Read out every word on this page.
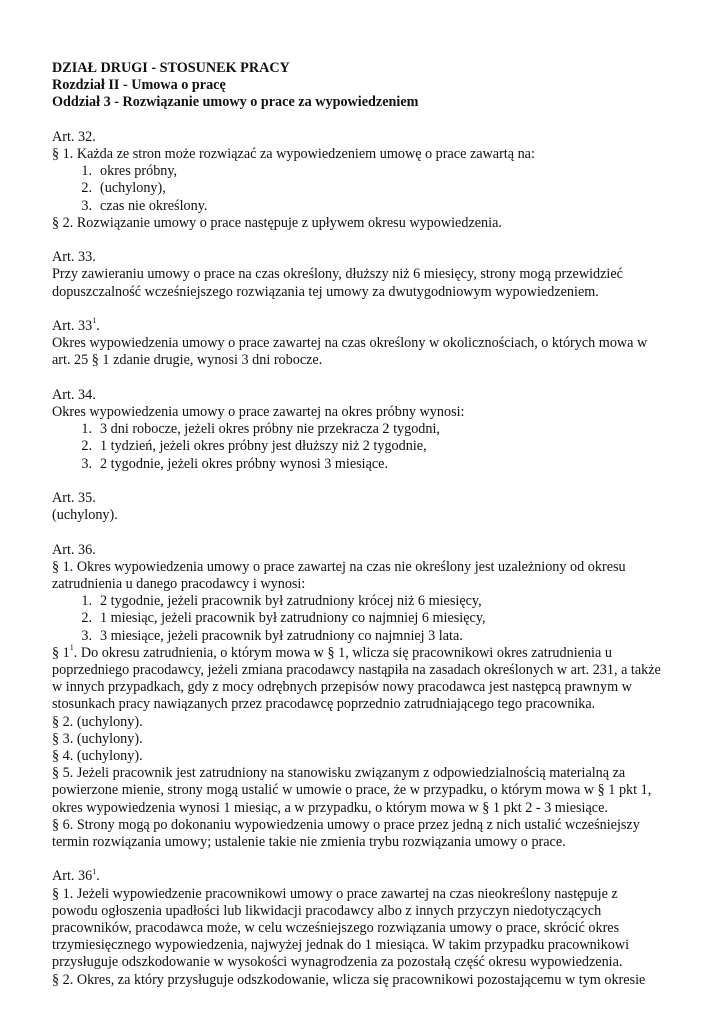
DZIAŁ DRUGI - STOSUNEK PRACY
Rozdział II - Umowa o pracę
Oddział 3 - Rozwiązanie umowy o prace za wypowiedzeniem
Art. 32.
§ 1. Każda ze stron może rozwiązać za wypowiedzeniem umowę o prace zawartą na:
1. okres próbny,
2. (uchylony),
3. czas nie określony.
§ 2. Rozwiązanie umowy o prace następuje z upływem okresu wypowiedzenia.
Art. 33.
Przy zawieraniu umowy o prace na czas określony, dłuższy niż 6 miesięcy, strony mogą przewidzieć
dopuszczalność wcześniejszego rozwiązania tej umowy za dwutygodniowym wypowiedzeniem.
Art. $33^1$.
Okres wypowiedzenia umowy o prace zawartej na czas określony w okolicznościach, o których mowa w
art. 25 § 1 zdanie drugie, wynosi 3 dni robocze.
Art. 34.
Okres wypowiedzenia umowy o prace zawartej na okres próbny wynosi:
1. 3 dni robocze, jeżeli okres próbny nie przekracza 2 tygodni,
2. 1 tydzień, jeżeli okres próbny jest dłuższy niż 2 tygodnie,
3. 2 tygodnie, jeżeli okres próbny wynosi 3 miesiące.
Art. 35.
(uchylony).
Art. 36.
§ 1. Okres wypowiedzenia umowy o prace zawartej na czas nie określony jest uzależniony od okresu
zatrudnienia u danego pracodawcy i wynosi:
1. 2 tygodnie, jeżeli pracownik był zatrudniony krócej niż 6 miesięcy,
2. 1 miesiąc, jeżeli pracownik był zatrudniony co najmniej 6 miesięcy,
3. 3 miesiące, jeżeli pracownik był zatrudniony co najmniej 3 lata.
§ $1^1$. Do okresu zatrudnienia, o którym mowa w § 1, wlicza się pracownikowi okres zatrudnienia u
poprzedniego pracodawcy, jeżeli zmiana pracodawcy nastąpiła na zasadach określonych w art. 231, a także
w innych przypadkach, gdy z mocy odrębnych przepisów nowy pracodawca jest następcą prawnym w
stosunkach pracy nawiązanych przez pracodawcę poprzednio zatrudniającego tego pracownika.
§ 2. (uchylony).
§ 3. (uchylony).
§ 4. (uchylony).
§ 5. Jeżeli pracownik jest zatrudniony na stanowisku związanym z odpowiedzialnością materialną za
powierzone mienie, strony mogą ustalić w umowie o prace, że w przypadku, o którym mowa w § 1 pkt 1,
okres wypowiedzenia wynosi 1 miesiąc, a w przypadku, o którym mowa w § 1 pkt 2 - 3 miesiące.
§ 6. Strony mogą po dokonaniu wypowiedzenia umowy o prace przez jedną z nich ustalić wcześniejszy
termin rozwiązania umowy; ustalenie takie nie zmienia trybu rozwiązania umowy o prace.
Art. $36^1$.
§ 1. Jeżeli wypowiedzenie pracownikowi umowy o prace zawartej na czas nieokreślony następuje z
powodu ogłoszenia upadłości lub likwidacji pracodawcy albo z innych przyczyn niedotyczących
pracowników, pracodawca może, w celu wcześniejszego rozwiązania umowy o prace, skrócić okres
trzymiesięcznego wypowiedzenia, najwyżej jednak do 1 miesiąca. W takim przypadku pracownikowi
przysługuje odszkodowanie w wysokości wynagrodzenia za pozostałą część okresu wypowiedzenia.
§ 2. Okres, za który przysługuje odszkodowanie, wlicza się pracownikowi pozostającemu w tym okresie
